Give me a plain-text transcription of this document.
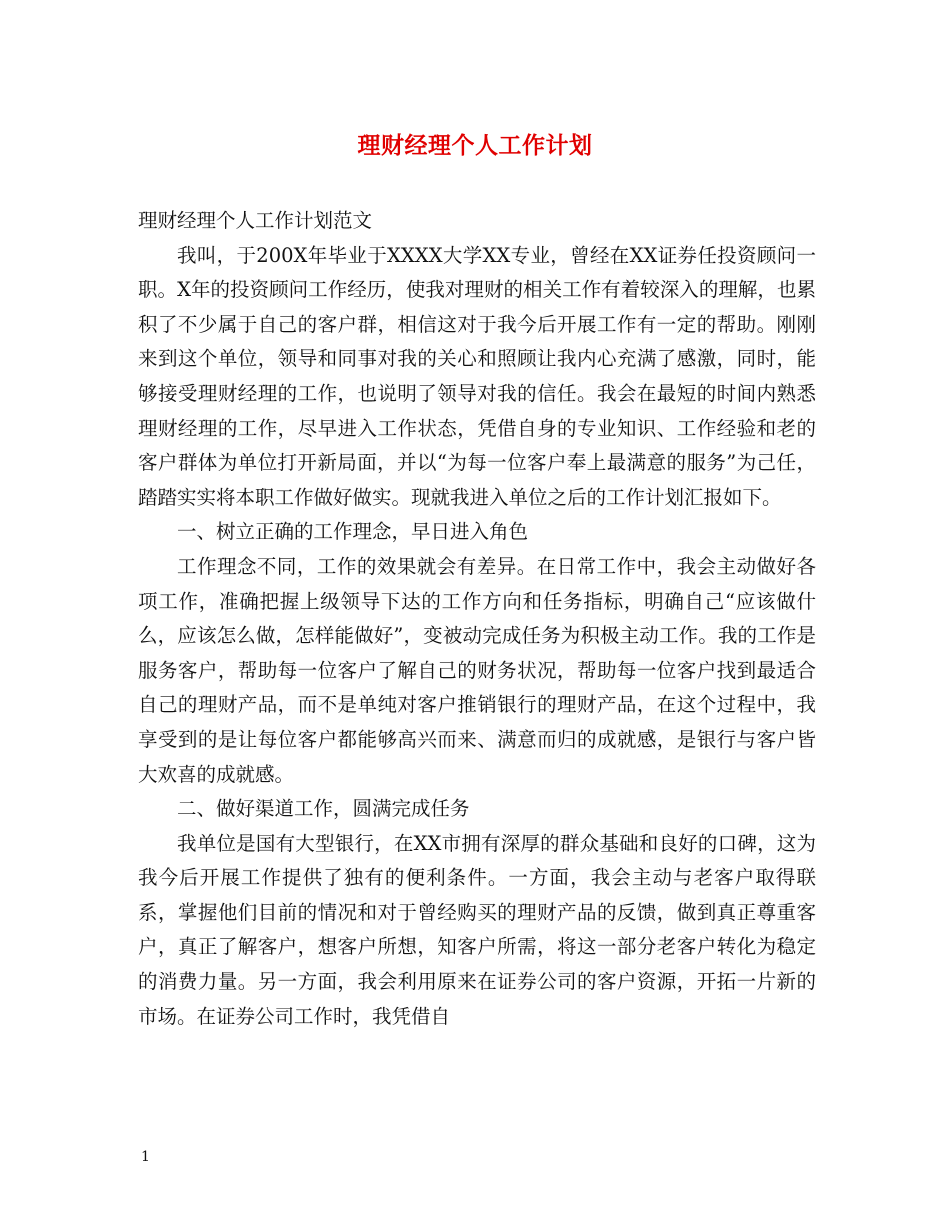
理财经理个人工作计划

理财经理个人工作计划范文

我叫，于200X年毕业于XXXX大学XX专业，曾经在XX证券任投资顾问一职。X年的投资顾问工作经历，使我对理财的相关工作有着较深入的理解，也累积了不少属于自己的客户群，相信这对于我今后开展工作有一定的帮助。刚刚来到这个单位，领导和同事对我的关心和照顾让我内心充满了感激，同时，能够接受理财经理的工作，也说明了领导对我的信任。我会在最短的时间内熟悉理财经理的工作，尽早进入工作状态，凭借自身的专业知识、工作经验和老的客户群体为单位打开新局面，并以“为每一位客户奉上最满意的服务”为己任，踏踏实实将本职工作做好做实。现就我进入单位之后的工作计划汇报如下。

一、树立正确的工作理念，早日进入角色

工作理念不同，工作的效果就会有差异。在日常工作中，我会主动做好各项工作，准确把握上级领导下达的工作方向和任务指标，明确自己“应该做什么，应该怎么做，怎样能做好”，变被动完成任务为积极主动工作。我的工作是服务客户，帮助每一位客户了解自己的财务状况，帮助每一位客户找到最适合自己的理财产品，而不是单纯对客户推销银行的理财产品，在这个过程中，我享受到的是让每位客户都能够高兴而来、满意而归的成就感，是银行与客户皆大欢喜的成就感。

二、做好渠道工作，圆满完成任务

我单位是国有大型银行，在XX市拥有深厚的群众基础和良好的口碑，这为我今后开展工作提供了独有的便利条件。一方面，我会主动与老客户取得联系，掌握他们目前的情况和对于曾经购买的理财产品的反馈，做到真正尊重客户，真正了解客户，想客户所想，知客户所需，将这一部分老客户转化为稳定的消费力量。另一方面，我会利用原来在证券公司的客户资源，开拓一片新的市场。在证券公司工作时，我凭借自

1
